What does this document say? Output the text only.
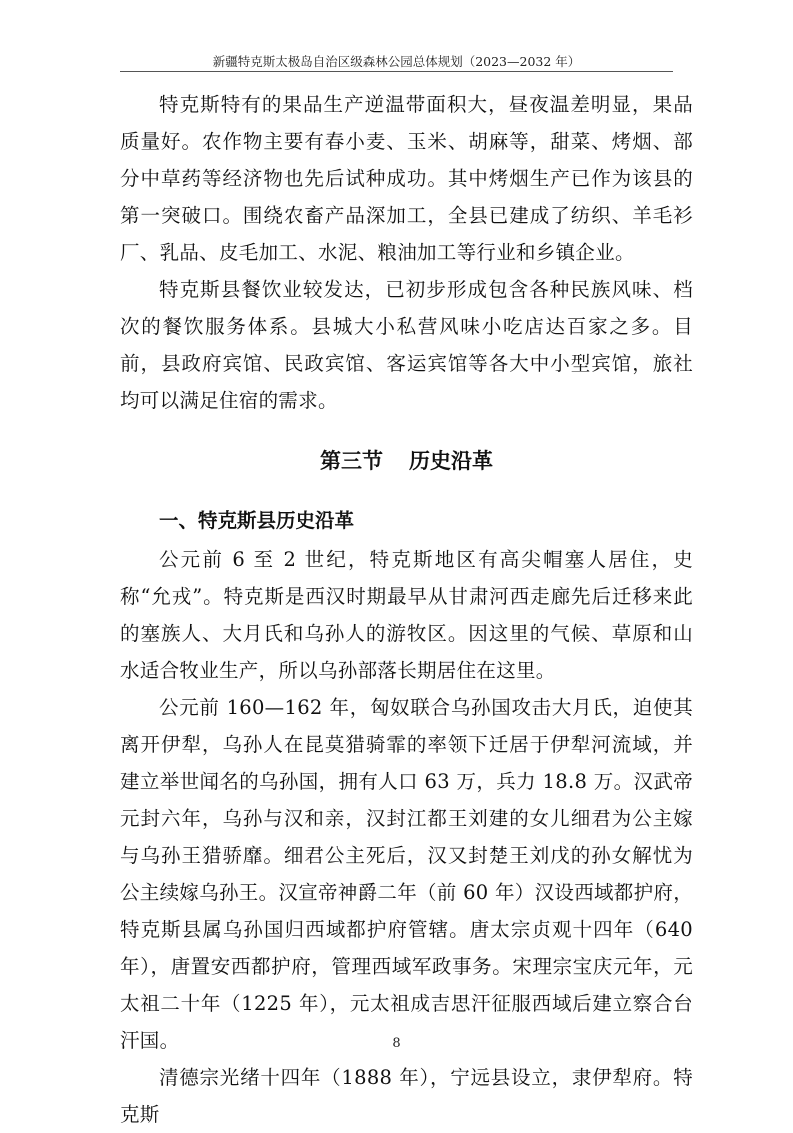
新疆特克斯太极岛自治区级森林公园总体规划（2023—2032 年）

特克斯特有的果品生产逆温带面积大，昼夜温差明显，果品质量好。农作物主要有春小麦、玉米、胡麻等，甜菜、烤烟、部分中草药等经济物也先后试种成功。其中烤烟生产已作为该县的第一突破口。围绕农畜产品深加工，全县已建成了纺织、羊毛衫厂、乳品、皮毛加工、水泥、粮油加工等行业和乡镇企业。

特克斯县餐饮业较发达，已初步形成包含各种民族风味、档次的餐饮服务体系。县城大小私营风味小吃店达百家之多。目前，县政府宾馆、民政宾馆、客运宾馆等各大中小型宾馆，旅社均可以满足住宿的需求。

第三节 历史沿革

一、特克斯县历史沿革

公元前 6 至 2 世纪，特克斯地区有高尖帽塞人居住，史称“允戎”。特克斯是西汉时期最早从甘肃河西走廊先后迁移来此的塞族人、大月氏和乌孙人的游牧区。因这里的气候、草原和山水适合牧业生产，所以乌孙部落长期居住在这里。

公元前 160—162 年，匈奴联合乌孙国攻击大月氏，迫使其离开伊犁，乌孙人在昆莫猎骑霏的率领下迁居于伊犁河流域，并建立举世闻名的乌孙国，拥有人口 63 万，兵力 18.8 万。汉武帝元封六年，乌孙与汉和亲，汉封江都王刘建的女儿细君为公主嫁与乌孙王猎骄靡。细君公主死后，汉又封楚王刘戊的孙女解忧为公主续嫁乌孙王。汉宣帝神爵二年（前 60 年）汉设西域都护府，特克斯县属乌孙国归西域都护府管辖。唐太宗贞观十四年（640 年），唐置安西都护府，管理西域军政事务。宋理宗宝庆元年，元太祖二十年（1225 年），元太祖成吉思汗征服西域后建立察合台汗国。

清德宗光绪十四年（1888 年），宁远县设立，隶伊犁府。特克斯

8
